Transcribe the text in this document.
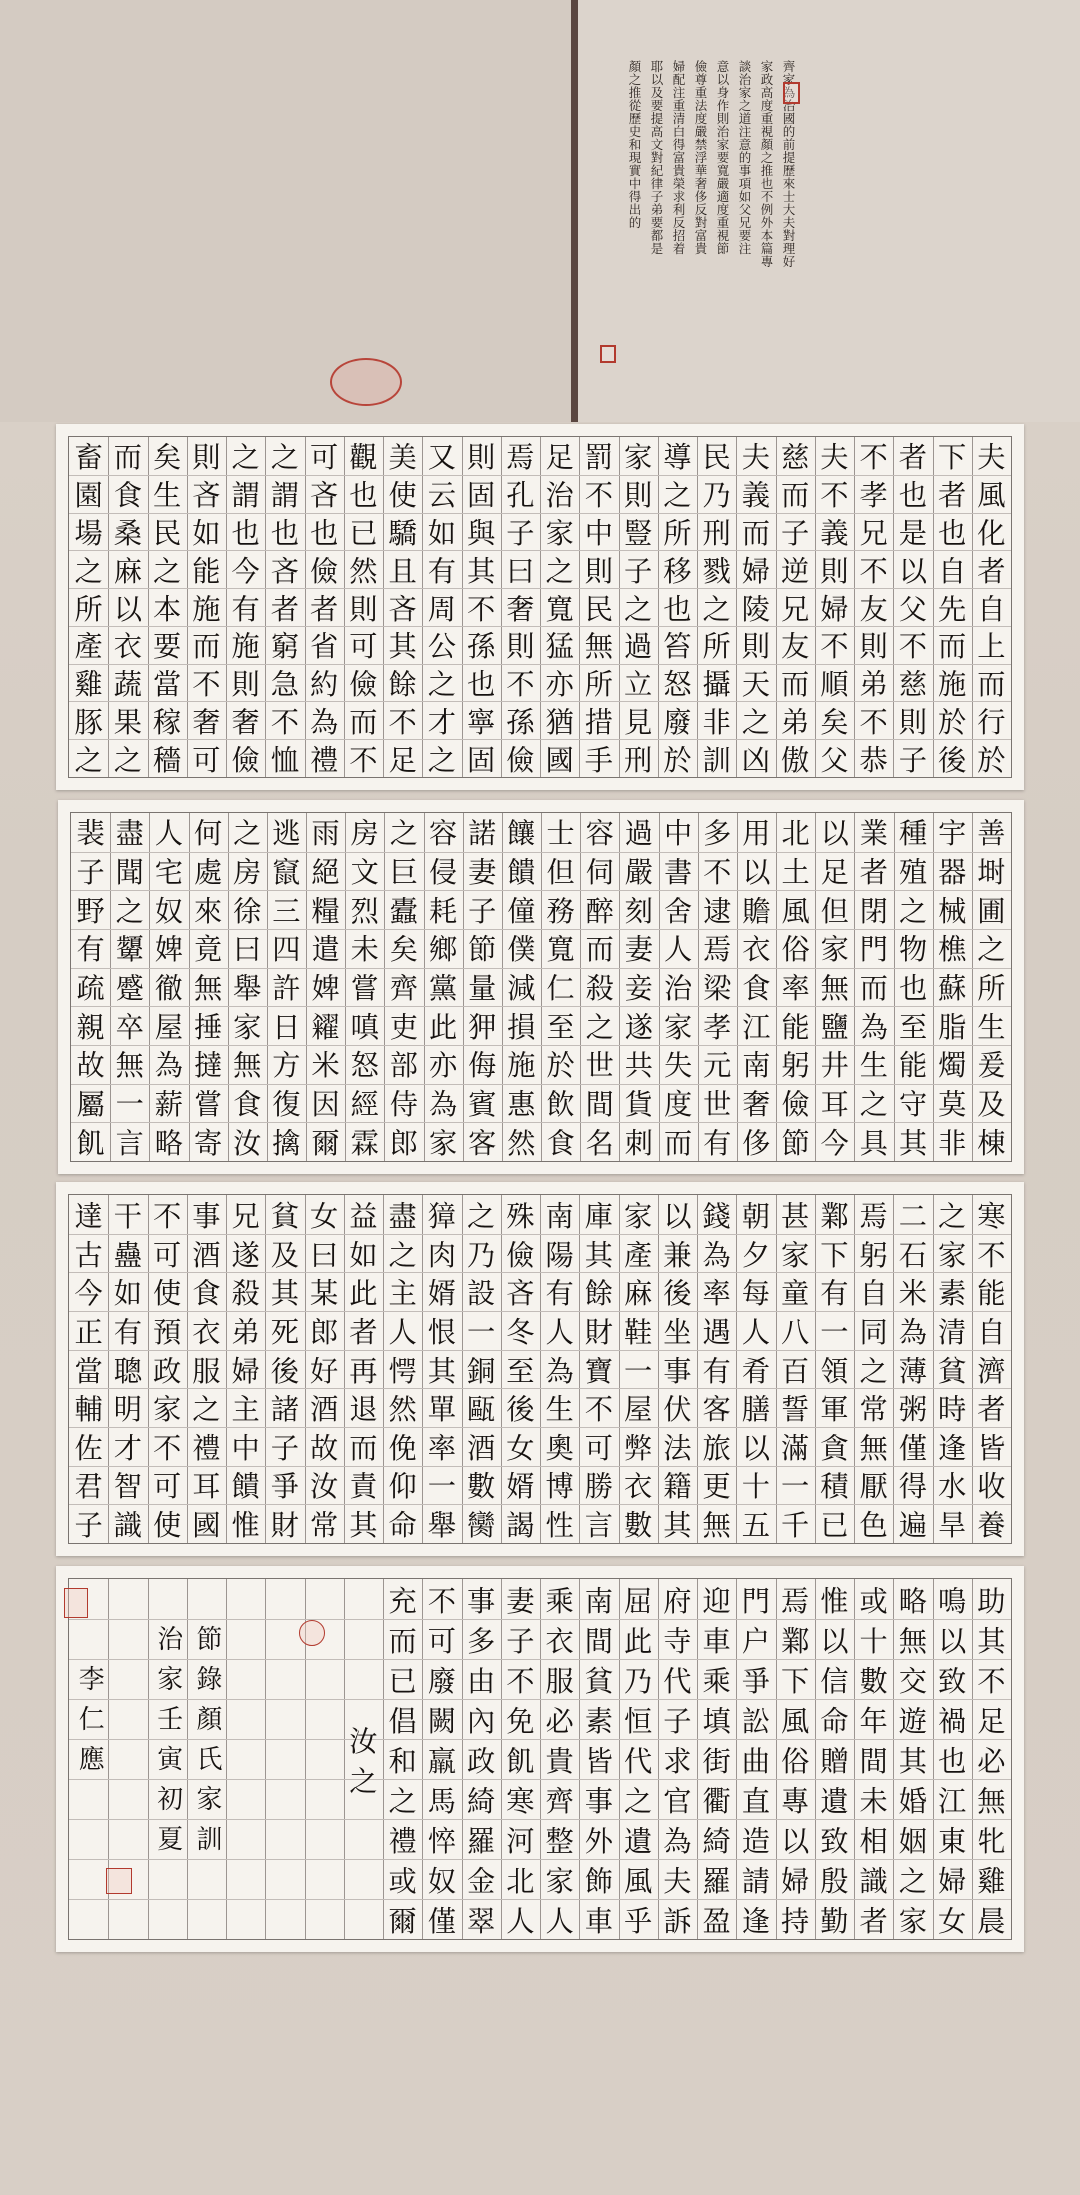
齊家為治國的前提歷來士大夫對理好
家政高度重視顏之推也不例外本篇專
談治家之道注意的事項如父兄要注
意以身作則治家要寬嚴適度重視節
儉尊重法度嚴禁浮華奢侈反對富貴
婦配注重清白得富貴榮求利反招着
耶以及要提高文對紀律子弟要都是
顏之推從歷史和現實中得出的
夫
風
化
者
自
上
而
行
於
下
者
也
自
先
而
施
於
後
者
也
是
以
父
不
慈
則
子
不
孝
兄
不
友
則
弟
不
恭
夫
不
義
則
婦
不
順
矣
父
慈
而
子
逆
兄
友
而
弟
傲
夫
義
而
婦
陵
則
天
之
凶
民
乃
刑
戮
之
所
攝
非
訓
導
之
所
移
也
笞
怒
廢
於
家
則
豎
子
之
過
立
見
刑
罰
不
中
則
民
無
所
措
手
足
治
家
之
寬
猛
亦
猶
國
焉
孔
子
曰
奢
則
不
孫
儉
則
固
與
其
不
孫
也
寧
固
又
云
如
有
周
公
之
才
之
美
使
驕
且
吝
其
餘
不
足
觀
也
已
然
則
可
儉
而
不
可
吝
也
儉
者
省
約
為
禮
之
謂
也
吝
者
窮
急
不
恤
之
謂
也
今
有
施
則
奢
儉
則
吝
如
能
施
而
不
奢
可
矣
生
民
之
本
要
當
稼
穡
而
食
桑
麻
以
衣
蔬
果
之
畜
園
場
之
所
產
雞
豚
之
善
埘
圃
之
所
生
爰
及
棟
宇
器
械
樵
蘇
脂
燭
莫
非
種
殖
之
物
也
至
能
守
其
業
者
閉
門
而
為
生
之
具
以
足
但
家
無
鹽
井
耳
今
北
土
風
俗
率
能
躬
儉
節
用
以
贍
衣
食
江
南
奢
侈
多
不
逮
焉
梁
孝
元
世
有
中
書
舍
人
治
家
失
度
而
過
嚴
刻
妻
妾
遂
共
貨
刺
容
伺
醉
而
殺
之
世
間
名
士
但
務
寬
仁
至
於
飲
食
饟
饋
僮
僕
減
損
施
惠
然
諾
妻
子
節
量
狎
侮
賓
客
容
侵
耗
鄉
黨
此
亦
為
家
之
巨
蠹
矣
齊
吏
部
侍
郎
房
文
烈
未
嘗
嗔
怒
經
霖
雨
絕
糧
遣
婢
糴
米
因
爾
逃
竄
三
四
許
日
方
復
擒
之
房
徐
曰
舉
家
無
食
汝
何
處
來
竟
無
捶
撻
嘗
寄
人
宅
奴
婢
徹
屋
為
薪
略
盡
聞
之
顰
蹙
卒
無
一
言
裴
子
野
有
疏
親
故
屬
飢
寒
不
能
自
濟
者
皆
收
養
之
家
素
清
貧
時
逢
水
旱
二
石
米
為
薄
粥
僅
得
遍
焉
躬
自
同
之
常
無
厭
色
鄴
下
有
一
領
軍
貪
積
已
甚
家
童
八
百
誓
滿
一
千
朝
夕
每
人
肴
膳
以
十
五
錢
為
率
遇
有
客
旅
更
無
以
兼
後
坐
事
伏
法
籍
其
家
產
麻
鞋
一
屋
弊
衣
數
庫
其
餘
財
寶
不
可
勝
言
南
陽
有
人
為
生
奧
博
性
殊
儉
吝
冬
至
後
女
婿
謁
之
乃
設
一
銅
甌
酒
數
臠
獐
肉
婿
恨
其
單
率
一
舉
盡
之
主
人
愕
然
俛
仰
命
益
如
此
者
再
退
而
責
其
女
曰
某
郎
好
酒
故
汝
常
貧
及
其
死
後
諸
子
爭
財
兄
遂
殺
弟
婦
主
中
饋
惟
事
酒
食
衣
服
之
禮
耳
國
不
可
使
預
政
家
不
可
使
干
蠱
如
有
聰
明
才
智
識
達
古
今
正
當
輔
佐
君
子
助
其
不
足
必
無
牝
雞
晨
鳴
以
致
禍
也
江
東
婦
女
略
無
交
遊
其
婚
姻
之
家
或
十
數
年
間
未
相
識
者
惟
以
信
命
贈
遺
致
殷
勤
焉
鄴
下
風
俗
專
以
婦
持
門
户
爭
訟
曲
直
造
請
逢
迎
車
乘
填
街
衢
綺
羅
盈
府
寺
代
子
求
官
為
夫
訴
屈
此
乃
恒
代
之
遺
風
乎
南
間
貧
素
皆
事
外
飾
車
乘
衣
服
必
貴
齊
整
家
人
妻
子
不
免
飢
寒
河
北
人
事
多
由
內
政
綺
羅
金
翠
不
可
廢
闕
羸
馬
悴
奴
僅
充
而
已
倡
和
之
禮
或
爾
汝
之
節錄顏氏家訓
治家壬寅初夏
李仁應
